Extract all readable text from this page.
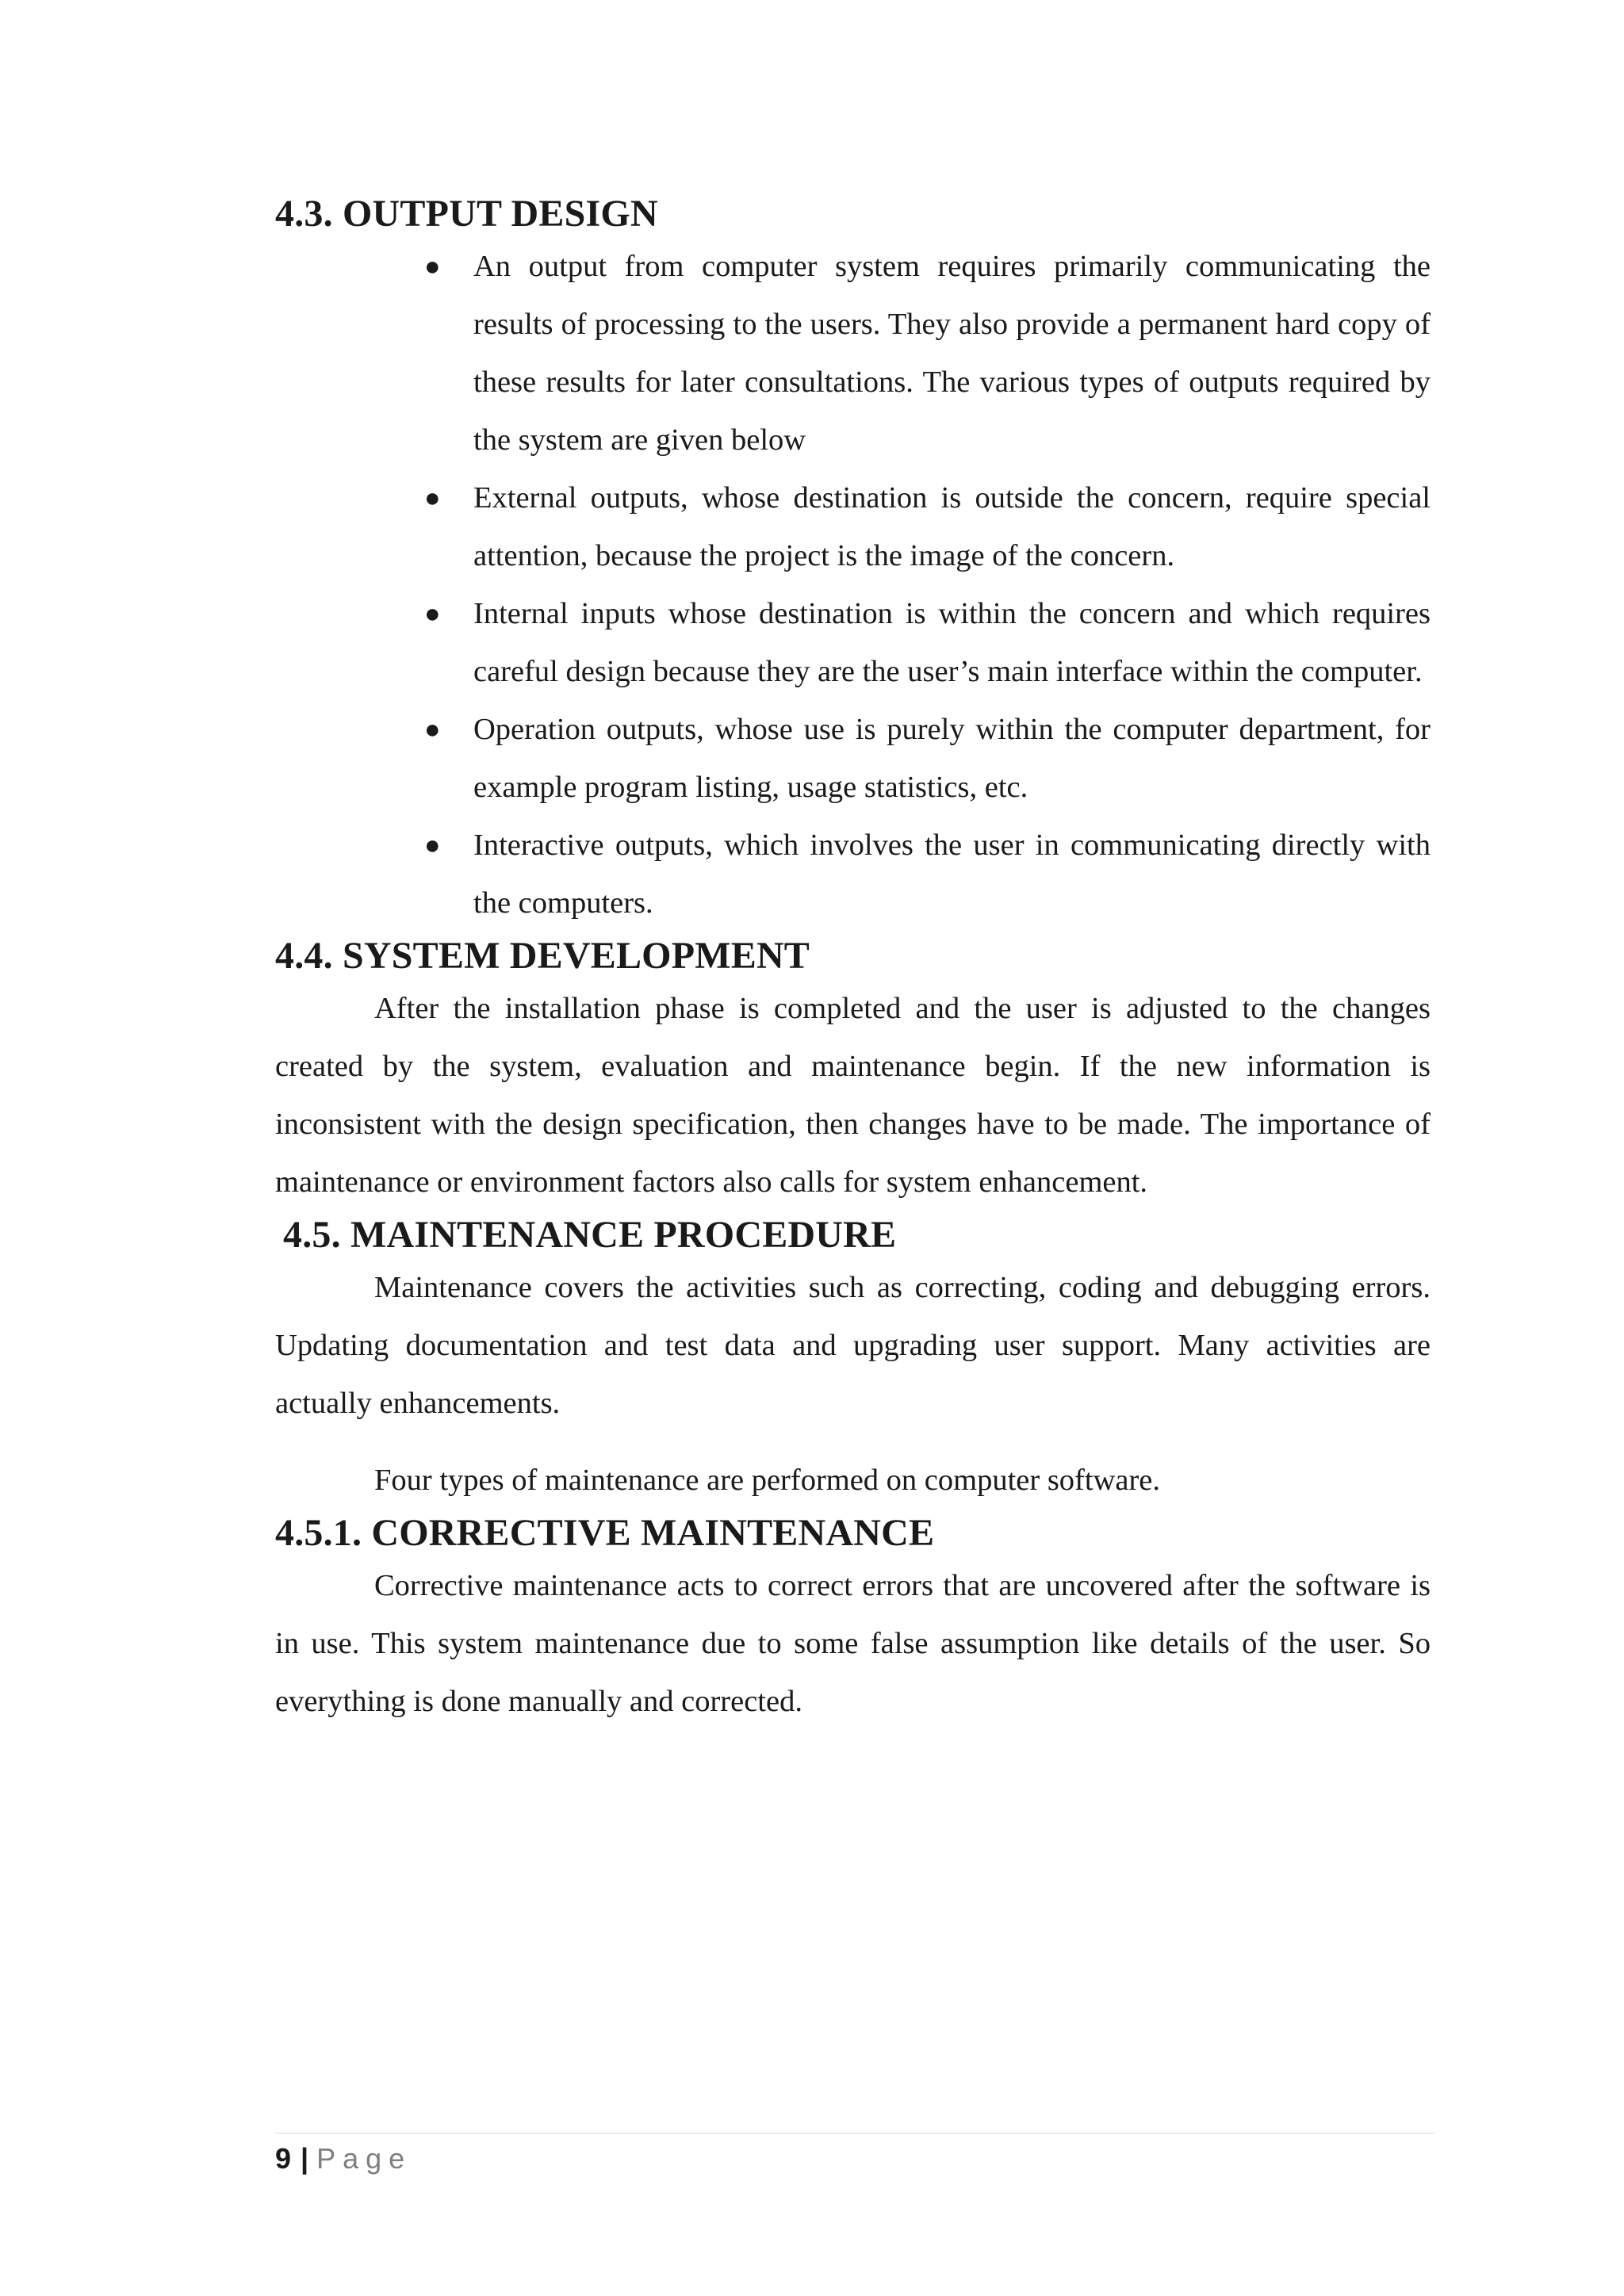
4.3. OUTPUT DESIGN
● An output from computer system requires primarily communicating the results of processing to the users. They also provide a permanent hard copy of these results for later consultations. The various types of outputs required by the system are given below
● External outputs, whose destination is outside the concern, require special attention, because the project is the image of the concern.
● Internal inputs whose destination is within the concern and which requires careful design because they are the user’s main interface within the computer.
● Operation outputs, whose use is purely within the computer department, for example program listing, usage statistics, etc.
● Interactive outputs, which involves the user in communicating directly with the computers.
4.4. SYSTEM DEVELOPMENT

After the installation phase is completed and the user is adjusted to the changes created by the system, evaluation and maintenance begin. If the new information is inconsistent with the design specification, then changes have to be made. The importance of maintenance or environment factors also calls for system enhancement.

4.5. MAINTENANCE PROCEDURE

Maintenance covers the activities such as correcting, coding and debugging errors. Updating documentation and test data and upgrading user support. Many activities are actually enhancements.

Four types of maintenance are performed on computer software.

4.5.1. CORRECTIVE MAINTENANCE

Corrective maintenance acts to correct errors that are uncovered after the software is in use. This system maintenance due to some false assumption like details of the user. So everything is done manually and corrected.

9 | Page
